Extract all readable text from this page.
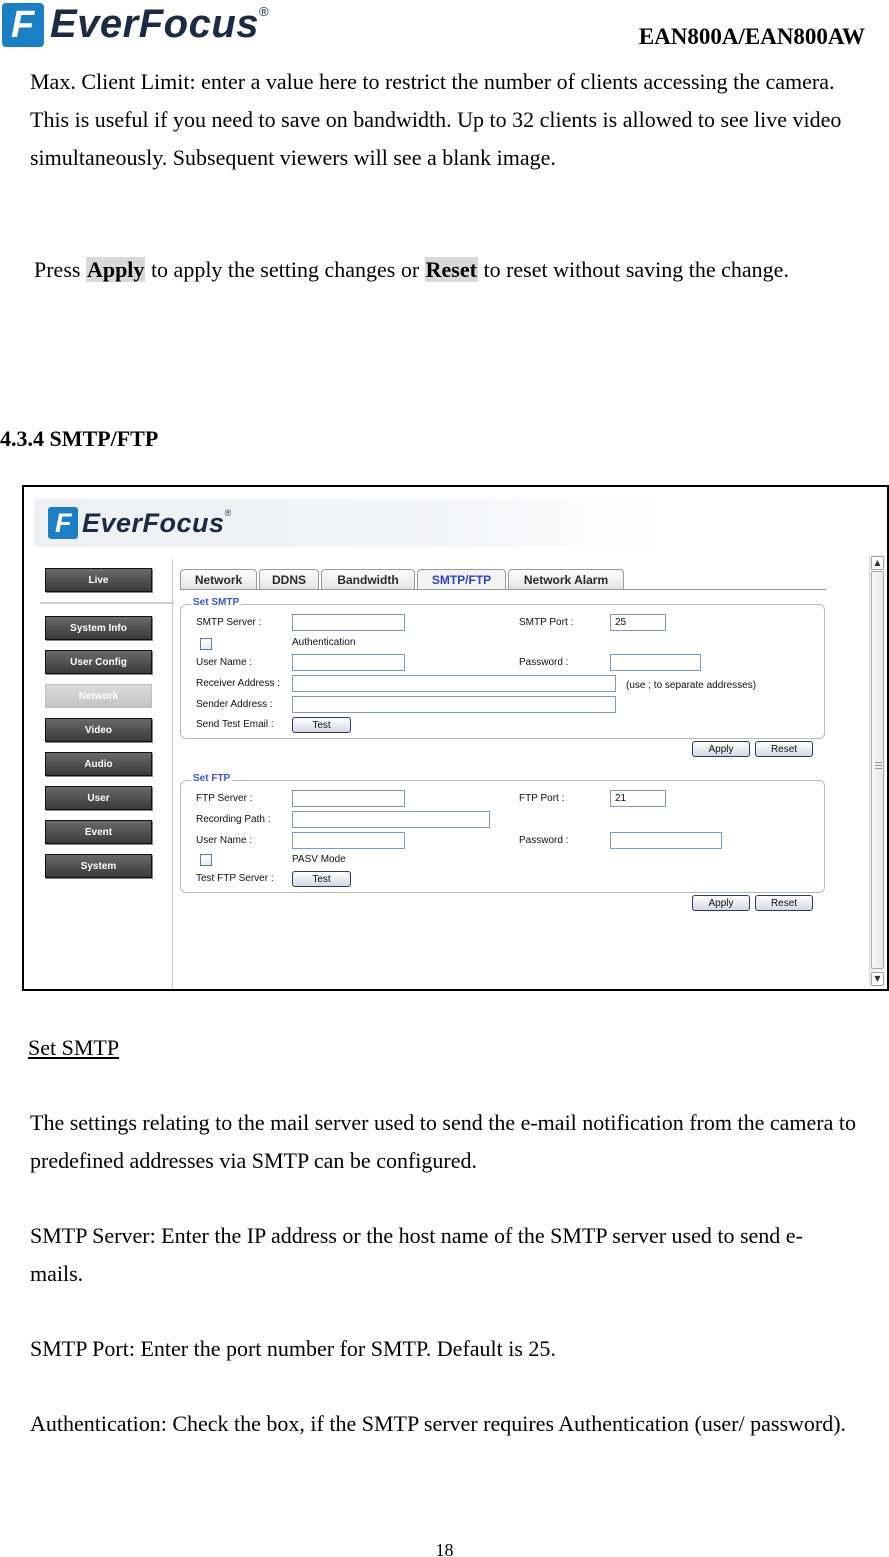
F EverFocus ®
EAN800A/EAN800AW
Max. Client Limit: enter a value here to restrict the number of clients accessing the camera. This is useful if you need to save on bandwidth. Up to 32 clients is allowed to see live video simultaneously. Subsequent viewers will see a blank image.
Press Apply to apply the setting changes or Reset to reset without saving the change.
4.3.4 SMTP/FTP
F EverFocus ®
Live
System Info
User Config
Network
Video
Audio
User
Event
System
Network	DDNS	Bandwidth	SMTP/FTP	Network Alarm
Set SMTP
SMTP Server :	SMTP Port :	25
Authentication
User Name :	Password :
Receiver Address :	(use ; to separate addresses)
Sender Address :
Send Test Email :	Test
Apply	Reset
Set FTP
FTP Server :	FTP Port :	21
Recording Path :
User Name :	Password :
PASV Mode
Test FTP Server :	Test
Apply	Reset
▲
▼
Set SMTP
The settings relating to the mail server used to send the e-mail notification from the camera to predefined addresses via SMTP can be configured.
SMTP Server: Enter the IP address or the host name of the SMTP server used to send e-mails.
SMTP Port: Enter the port number for SMTP. Default is 25.
Authentication: Check the box, if the SMTP server requires Authentication (user/ password).
18
